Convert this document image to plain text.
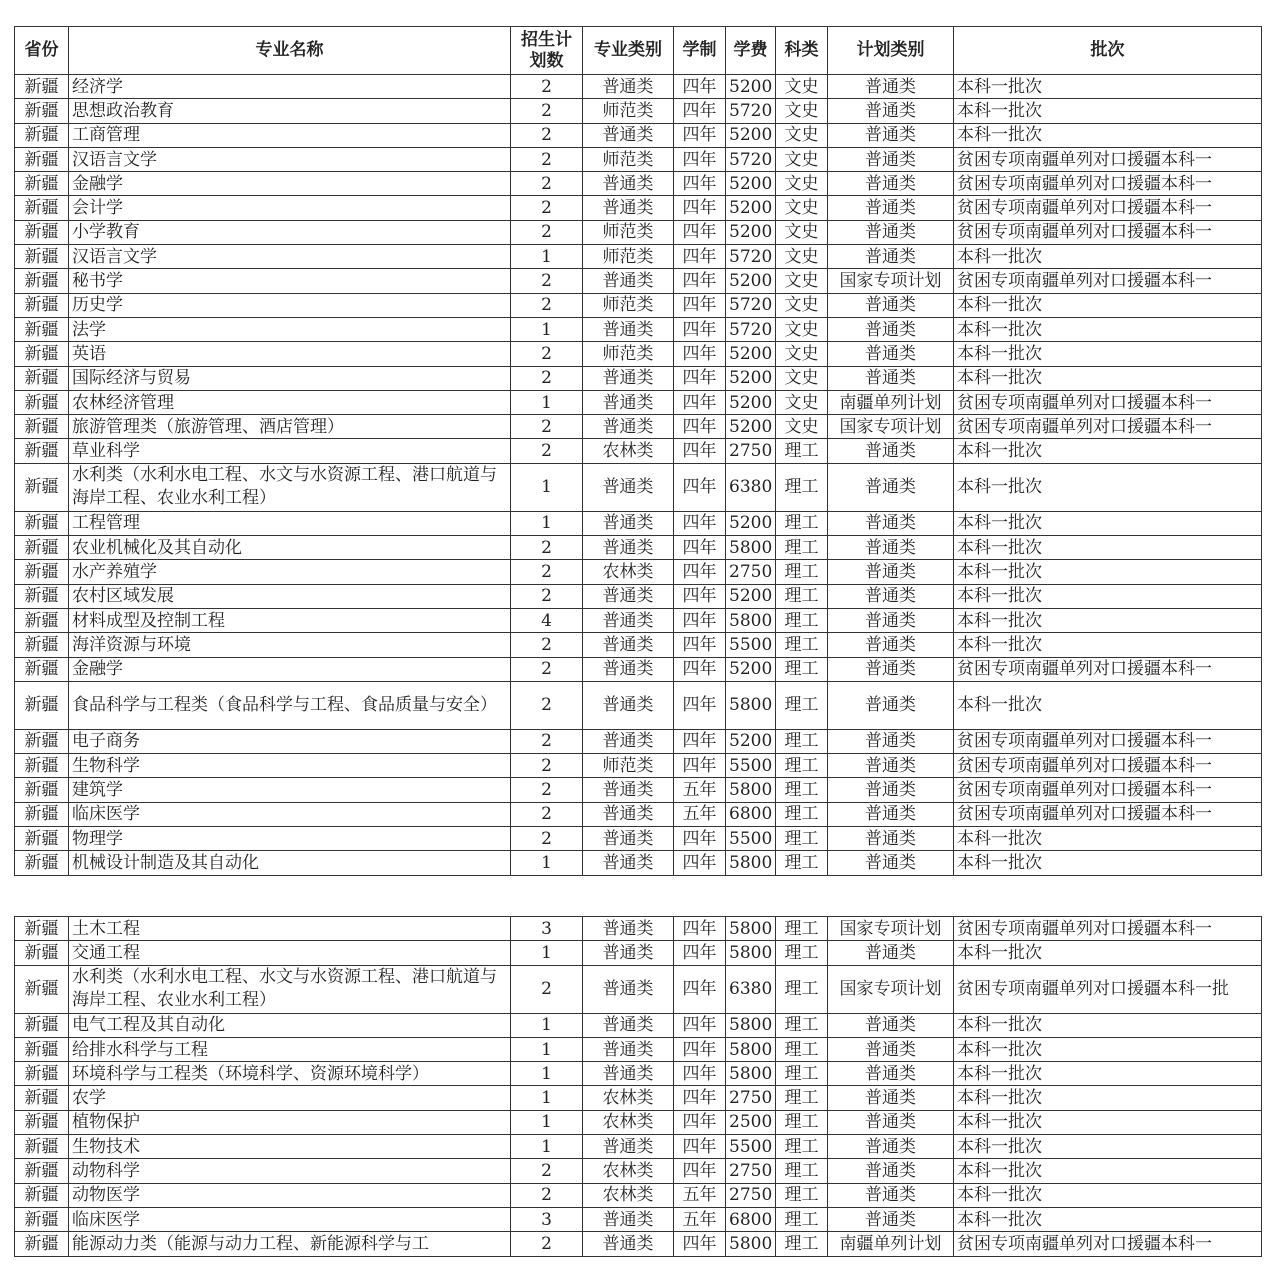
省份	专业名称	招生计划数	专业类别	学制	学费	科类	计划类别	批次
新疆	经济学	2	普通类	四年	5200	文史	普通类	本科一批次
新疆	思想政治教育	2	师范类	四年	5720	文史	普通类	本科一批次
新疆	工商管理	2	普通类	四年	5200	文史	普通类	本科一批次
新疆	汉语言文学	2	师范类	四年	5720	文史	普通类	贫困专项南疆单列对口援疆本科一
新疆	金融学	2	普通类	四年	5200	文史	普通类	贫困专项南疆单列对口援疆本科一
新疆	会计学	2	普通类	四年	5200	文史	普通类	贫困专项南疆单列对口援疆本科一
新疆	小学教育	2	师范类	四年	5200	文史	普通类	贫困专项南疆单列对口援疆本科一
新疆	汉语言文学	1	师范类	四年	5720	文史	普通类	本科一批次
新疆	秘书学	2	普通类	四年	5200	文史	国家专项计划	贫困专项南疆单列对口援疆本科一
新疆	历史学	2	师范类	四年	5720	文史	普通类	本科一批次
新疆	法学	1	普通类	四年	5720	文史	普通类	本科一批次
新疆	英语	2	师范类	四年	5200	文史	普通类	本科一批次
新疆	国际经济与贸易	2	普通类	四年	5200	文史	普通类	本科一批次
新疆	农林经济管理	1	普通类	四年	5200	文史	南疆单列计划	贫困专项南疆单列对口援疆本科一
新疆	旅游管理类（旅游管理、酒店管理）	2	普通类	四年	5200	文史	国家专项计划	贫困专项南疆单列对口援疆本科一
新疆	草业科学	2	农林类	四年	2750	理工	普通类	本科一批次
新疆	水利类（水利水电工程、水文与水资源工程、港口航道与海岸工程、农业水利工程）	1	普通类	四年	6380	理工	普通类	本科一批次
新疆	工程管理	1	普通类	四年	5200	理工	普通类	本科一批次
新疆	农业机械化及其自动化	2	普通类	四年	5800	理工	普通类	本科一批次
新疆	水产养殖学	2	农林类	四年	2750	理工	普通类	本科一批次
新疆	农村区域发展	2	普通类	四年	5200	理工	普通类	本科一批次
新疆	材料成型及控制工程	4	普通类	四年	5800	理工	普通类	本科一批次
新疆	海洋资源与环境	2	普通类	四年	5500	理工	普通类	本科一批次
新疆	金融学	2	普通类	四年	5200	理工	普通类	贫困专项南疆单列对口援疆本科一
新疆	食品科学与工程类（食品科学与工程、食品质量与安全）	2	普通类	四年	5800	理工	普通类	本科一批次
新疆	电子商务	2	普通类	四年	5200	理工	普通类	贫困专项南疆单列对口援疆本科一
新疆	生物科学	2	师范类	四年	5500	理工	普通类	贫困专项南疆单列对口援疆本科一
新疆	建筑学	2	普通类	五年	5800	理工	普通类	贫困专项南疆单列对口援疆本科一
新疆	临床医学	2	普通类	五年	6800	理工	普通类	贫困专项南疆单列对口援疆本科一
新疆	物理学	2	普通类	四年	5500	理工	普通类	本科一批次
新疆	机械设计制造及其自动化	1	普通类	四年	5800	理工	普通类	本科一批次
新疆	土木工程	3	普通类	四年	5800	理工	国家专项计划	贫困专项南疆单列对口援疆本科一
新疆	交通工程	1	普通类	四年	5800	理工	普通类	本科一批次
新疆	水利类（水利水电工程、水文与水资源工程、港口航道与海岸工程、农业水利工程）	2	普通类	四年	6380	理工	国家专项计划	贫困专项南疆单列对口援疆本科一批
新疆	电气工程及其自动化	1	普通类	四年	5800	理工	普通类	本科一批次
新疆	给排水科学与工程	1	普通类	四年	5800	理工	普通类	本科一批次
新疆	环境科学与工程类（环境科学、资源环境科学）	1	普通类	四年	5800	理工	普通类	本科一批次
新疆	农学	1	农林类	四年	2750	理工	普通类	本科一批次
新疆	植物保护	1	农林类	四年	2500	理工	普通类	本科一批次
新疆	生物技术	1	普通类	四年	5500	理工	普通类	本科一批次
新疆	动物科学	2	农林类	四年	2750	理工	普通类	本科一批次
新疆	动物医学	2	农林类	五年	2750	理工	普通类	本科一批次
新疆	临床医学	3	普通类	五年	6800	理工	普通类	本科一批次
新疆	能源动力类（能源与动力工程、新能源科学与工	2	普通类	四年	5800	理工	南疆单列计划	贫困专项南疆单列对口援疆本科一
